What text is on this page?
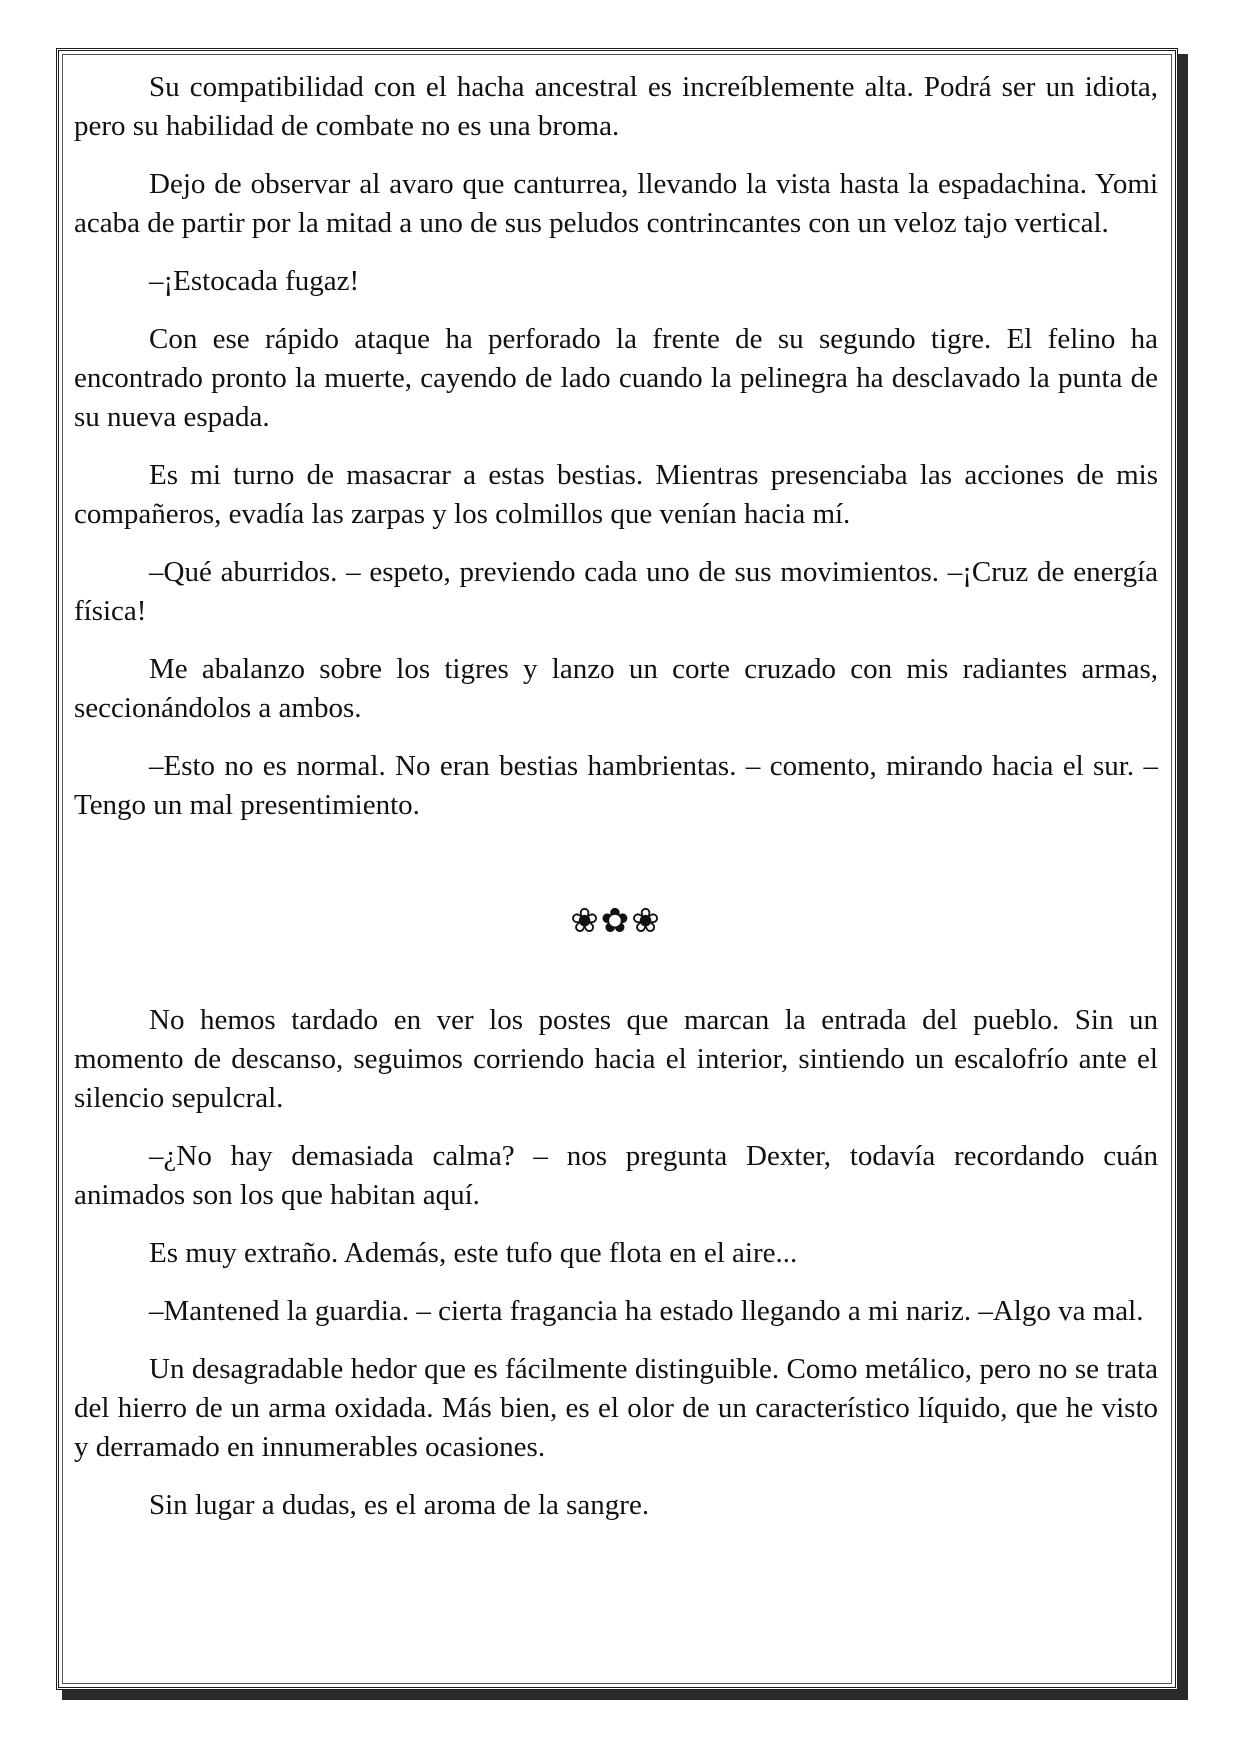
Su compatibilidad con el hacha ancestral es increíblemente alta. Podrá ser un idiota, pero su habilidad de combate no es una broma.

Dejo de observar al avaro que canturrea, llevando la vista hasta la espadachina. Yomi acaba de partir por la mitad a uno de sus peludos contrincantes con un veloz tajo vertical.

–¡Estocada fugaz!

Con ese rápido ataque ha perforado la frente de su segundo tigre. El felino ha encontrado pronto la muerte, cayendo de lado cuando la pelinegra ha desclavado la punta de su nueva espada.

Es mi turno de masacrar a estas bestias. Mientras presenciaba las acciones de mis compañeros, evadía las zarpas y los colmillos que venían hacia mí.

–Qué aburridos. – espeto, previendo cada uno de sus movimientos. –¡Cruz de energía física!

Me abalanzo sobre los tigres y lanzo un corte cruzado con mis radiantes armas, seccionándolos a ambos.

–Esto no es normal. No eran bestias hambrientas. – comento, mirando hacia el sur. –Tengo un mal presentimiento.

❀✿❀

No hemos tardado en ver los postes que marcan la entrada del pueblo. Sin un momento de descanso, seguimos corriendo hacia el interior, sintiendo un escalofrío ante el silencio sepulcral.

–¿No hay demasiada calma? – nos pregunta Dexter, todavía recordando cuán animados son los que habitan aquí.

Es muy extraño. Además, este tufo que flota en el aire...

–Mantened la guardia. – cierta fragancia ha estado llegando a mi nariz. –Algo va mal.

Un desagradable hedor que es fácilmente distinguible. Como metálico, pero no se trata del hierro de un arma oxidada. Más bien, es el olor de un característico líquido, que he visto y derramado en innumerables ocasiones.

Sin lugar a dudas, es el aroma de la sangre.
